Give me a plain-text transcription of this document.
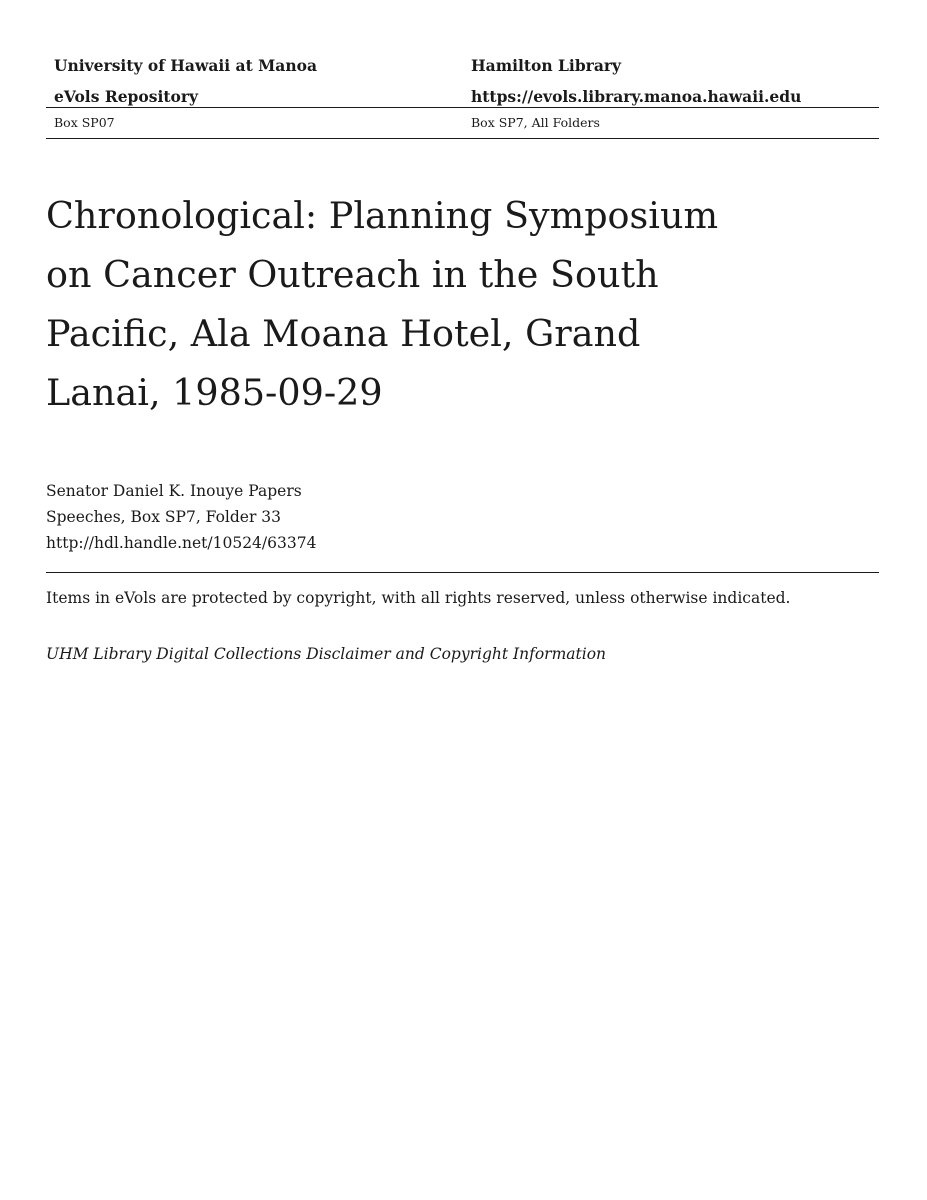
University of Hawaii at Manoa
eVols Repository
Hamilton Library
https://evols.library.manoa.hawaii.edu
Box SP07	Box SP7, All Folders
Chronological: Planning Symposium
on Cancer Outreach in the South
Pacific, Ala Moana Hotel, Grand
Lanai, 1985-09-29
Senator Daniel K. Inouye Papers
Speeches, Box SP7, Folder 33
http://hdl.handle.net/10524/63374
Items in eVols are protected by copyright, with all rights reserved, unless otherwise indicated.
UHM Library Digital Collections Disclaimer and Copyright Information
